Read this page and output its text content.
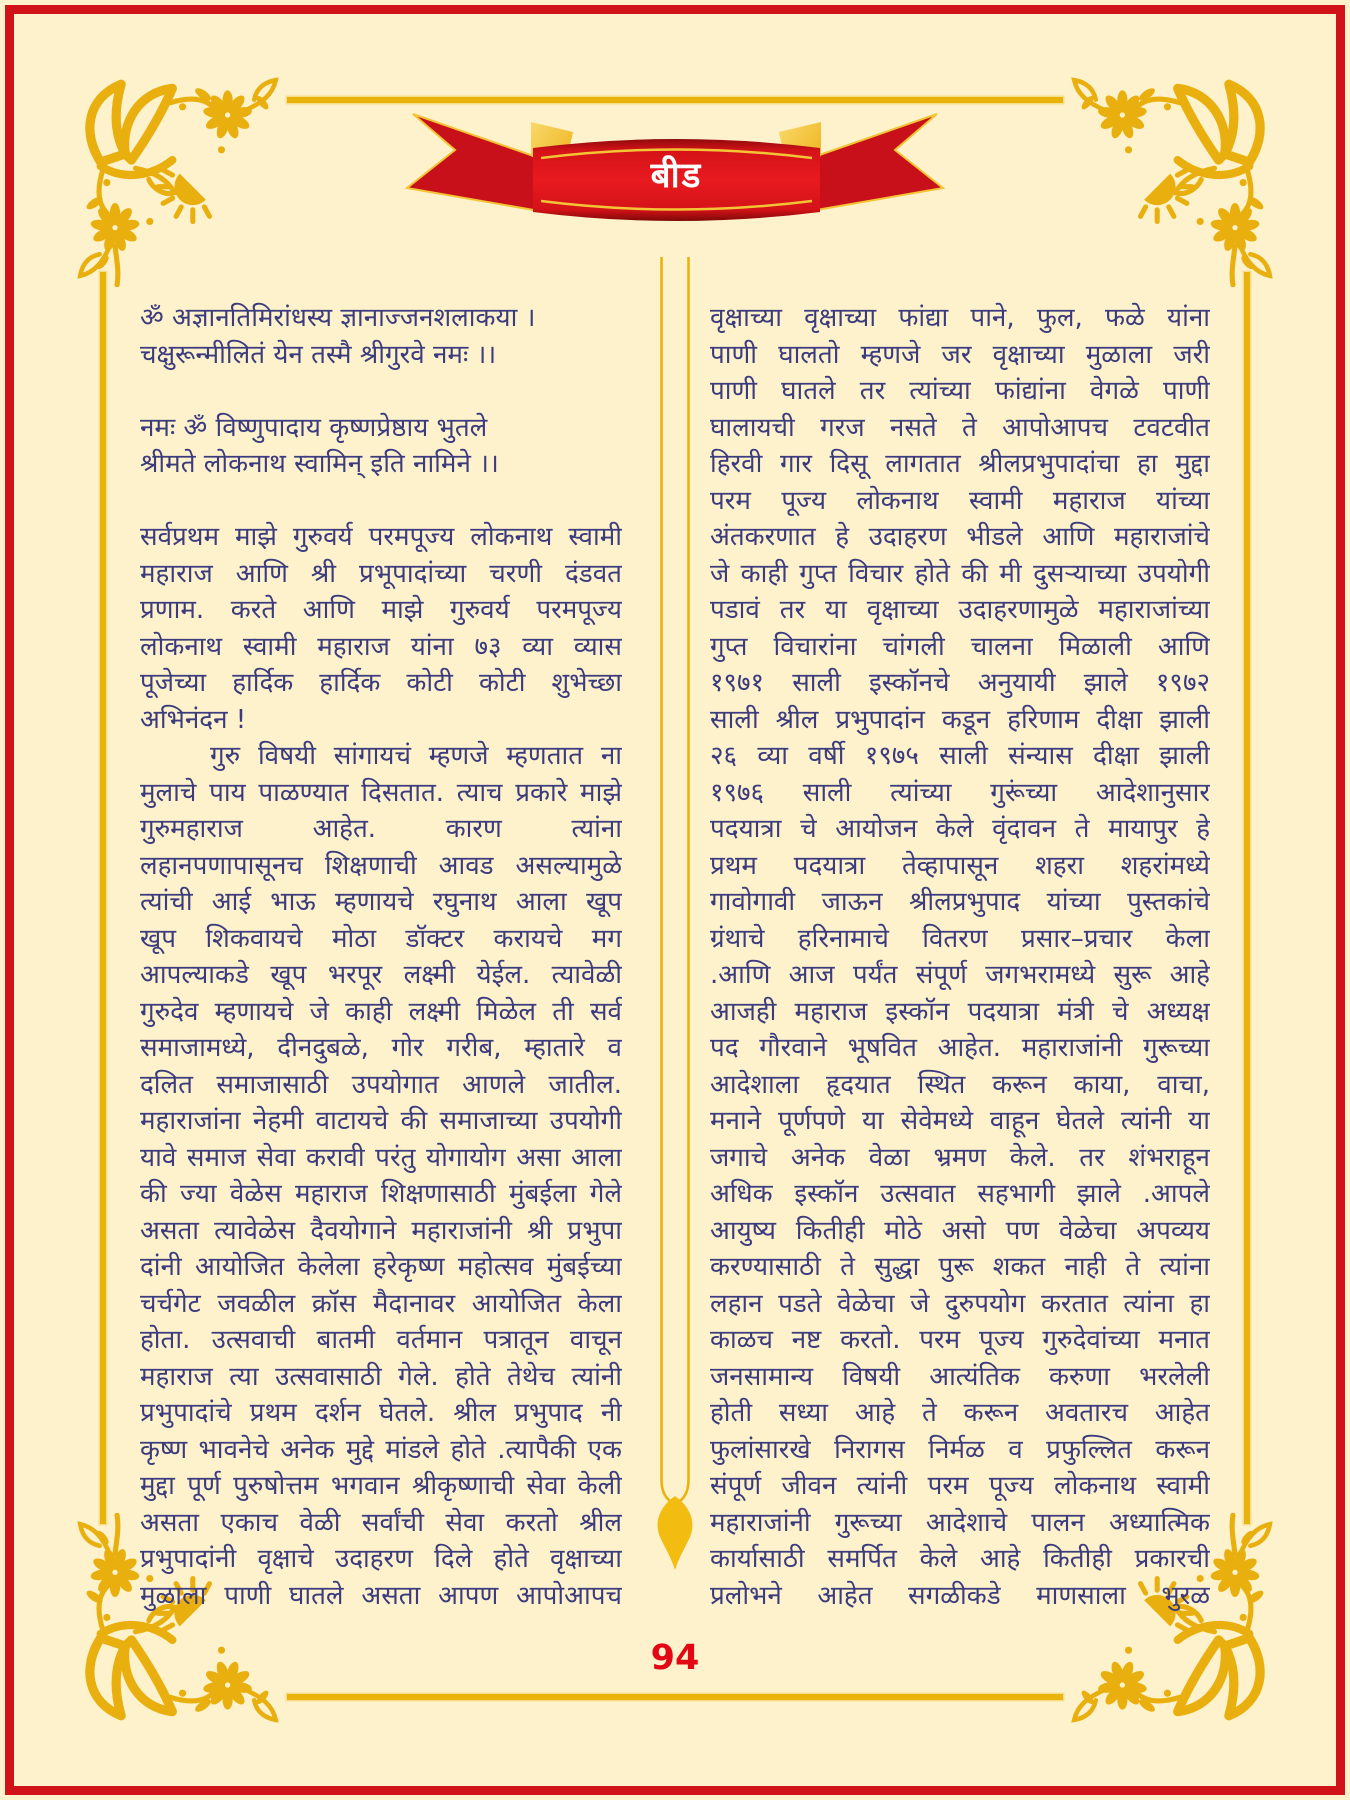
बीड
ॐ अज्ञानतिमिरांधस्य ज्ञानाज्जनशलाकया ।
चक्षुरून्मीलितं येन तस्मै श्रीगुरवे नमः ।।

नमः ॐ विष्णुपादाय कृष्णप्रेष्ठाय भुतले
श्रीमते लोकनाथ स्वामिन् इति नामिने ।।

सर्वप्रथम माझे गुरुवर्य परमपूज्य लोकनाथ स्वामी
महाराज आणि श्री प्रभूपादांच्या चरणी दंडवत
प्रणाम. करते आणि माझे गुरुवर्य परमपूज्य
लोकनाथ स्वामी महाराज यांना ७३ व्या व्यास
पूजेच्या हार्दिक हार्दिक कोटी कोटी शुभेच्छा
अभिनंदन !
गुरु विषयी सांगायचं म्हणजे म्हणतात ना
मुलाचे पाय पाळण्यात दिसतात. त्याच प्रकारे माझे
गुरुमहाराज आहेत. कारण त्यांना
लहानपणापासूनच शिक्षणाची आवड असल्यामुळे
त्यांची आई भाऊ म्हणायचे रघुनाथ आला खूप
खूप शिकवायचे मोठा डॉक्टर करायचे मग
आपल्याकडे खूप भरपूर लक्ष्मी येईल. त्यावेळी
गुरुदेव म्हणायचे जे काही लक्ष्मी मिळेल ती सर्व
समाजामध्ये, दीनदुबळे, गोर गरीब, म्हातारे व
दलित समाजासाठी उपयोगात आणले जातील.
महाराजांना नेहमी वाटायचे की समाजाच्या उपयोगी
यावे समाज सेवा करावी परंतु योगायोग असा आला
की ज्या वेळेस महाराज शिक्षणासाठी मुंबईला गेले
असता त्यावेळेस दैवयोगाने महाराजांनी श्री प्रभुपा
दांनी आयोजित केलेला हरेकृष्ण महोत्सव मुंबईच्या
चर्चगेट जवळील क्रॉस मैदानावर आयोजित केला
होता. उत्सवाची बातमी वर्तमान पत्रातून वाचून
महाराज त्या उत्सवासाठी गेले. होते तेथेच त्यांनी
प्रभुपादांचे प्रथम दर्शन घेतले. श्रील प्रभुपाद नी
कृष्ण भावनेचे अनेक मुद्दे मांडले होते .त्यापैकी एक
मुद्दा पूर्ण पुरुषोत्तम भगवान श्रीकृष्णाची सेवा केली
असता एकाच वेळी सर्वांची सेवा करतो श्रील
प्रभुपादांनी वृक्षाचे उदाहरण दिले होते वृक्षाच्या
मुळाला पाणी घातले असता आपण आपोआपच
वृक्षाच्या वृक्षाच्या फांद्या पाने, फुल, फळे यांना
पाणी घालतो म्हणजे जर वृक्षाच्या मुळाला जरी
पाणी घातले तर त्यांच्या फांद्यांना वेगळे पाणी
घालायची गरज नसते ते आपोआपच टवटवीत
हिरवी गार दिसू लागतात श्रीलप्रभुपादांचा हा मुद्दा
परम पूज्य लोकनाथ स्वामी महाराज यांच्या
अंतकरणात हे उदाहरण भीडले आणि महाराजांचे
जे काही गुप्त विचार होते की मी दुसऱ्याच्या उपयोगी
पडावं तर या वृक्षाच्या उदाहरणामुळे महाराजांच्या
गुप्त विचारांना चांगली चालना मिळाली आणि
१९७१ साली इस्कॉनचे अनुयायी झाले १९७२
साली श्रील प्रभुपादांन कडून हरिणाम दीक्षा झाली
२६ व्या वर्षी १९७५ साली संन्यास दीक्षा झाली
१९७६ साली त्यांच्या गुरूंच्या आदेशानुसार
पदयात्रा चे आयोजन केले वृंदावन ते मायापुर हे
प्रथम पदयात्रा तेव्हापासून शहरा शहरांमध्ये
गावोगावी जाऊन श्रीलप्रभुपाद यांच्या पुस्तकांचे
ग्रंथाचे हरिनामाचे वितरण प्रसार–प्रचार केला
.आणि आज पर्यंत संपूर्ण जगभरामध्ये सुरू आहे
आजही महाराज इस्कॉन पदयात्रा मंत्री चे अध्यक्ष
पद गौरवाने भूषवित आहेत. महाराजांनी गुरूच्या
आदेशाला हृदयात स्थित करून काया, वाचा,
मनाने पूर्णपणे या सेवेमध्ये वाहून घेतले त्यांनी या
जगाचे अनेक वेळा भ्रमण केले. तर शंभराहून
अधिक इस्कॉन उत्सवात सहभागी झाले .आपले
आयुष्य कितीही मोठे असो पण वेळेचा अपव्यय
करण्यासाठी ते सुद्धा पुरू शकत नाही ते त्यांना
लहान पडते वेळेचा जे दुरुपयोग करतात त्यांना हा
काळच नष्ट करतो. परम पूज्य गुरुदेवांच्या मनात
जनसामान्य विषयी आत्यंतिक करुणा भरलेली
होती सध्या आहे ते करून अवतारच आहेत
फुलांसारखे निरागस निर्मळ व प्रफुल्लित करून
संपूर्ण जीवन त्यांनी परम पूज्य लोकनाथ स्वामी
महाराजांनी गुरूच्या आदेशाचे पालन अध्यात्मिक
कार्यासाठी समर्पित केले आहे कितीही प्रकारची
प्रलोभने आहेत सगळीकडे माणसाला भुरळ
94
